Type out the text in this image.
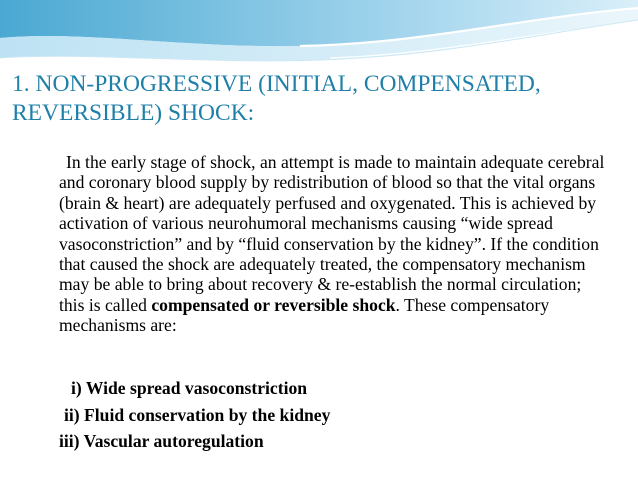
1. NON-PROGRESSIVE (INITIAL, COMPENSATED, REVERSIBLE) SHOCK:

In the early stage of shock, an attempt is made to maintain adequate cerebral and coronary blood supply by redistribution of blood so that the vital organs (brain & heart) are adequately perfused and oxygenated. This is achieved by activation of various neurohumoral mechanisms causing “wide spread vasoconstriction” and by “fluid conservation by the kidney”. If the condition that caused the shock are adequately treated, the compensatory mechanism may be able to bring about recovery & re-establish the normal circulation; this is called compensated or reversible shock. These compensatory mechanisms are:

i) Wide spread vasoconstriction
ii) Fluid conservation by the kidney
iii) Vascular autoregulation
